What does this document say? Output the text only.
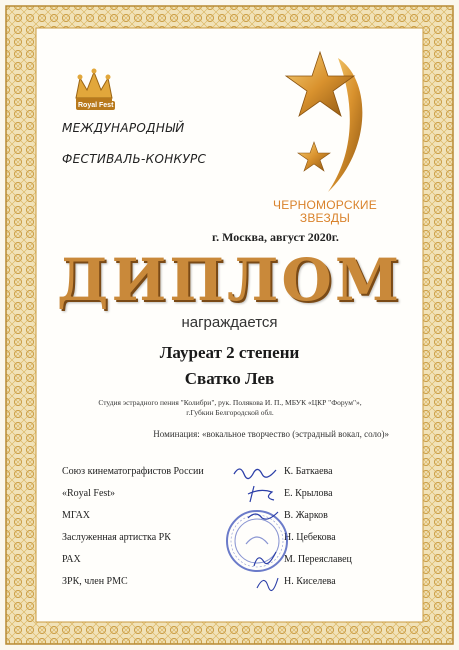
Royal Fest
МЕЖДУНАРОДНЫЙ
ФЕСТИВАЛЬ-КОНКУРС
ЧЕРНОМОРСКИЕ
ЗВЕЗДЫ
г. Москва, август 2020г.
ДИПЛОМ
награждается
Лауреат 2 степени
Сватко Лев
Студия эстрадного пения "Колибри", рук. Полякова И. П., МБУК «ЦКР "Форум"»,
г.Губкин Белгородской обл.
Номинация: «вокальное творчество (эстрадный вокал, соло)»
Союз кинематографистов России	К. Баткаева
«Royal Fest»	Е. Крылова
МГАХ	В. Жарков
Заслуженная артистка РК	Н. Цебекова
РАХ	М. Переяславец
ЗРК, член РМС	Н. Киселева
